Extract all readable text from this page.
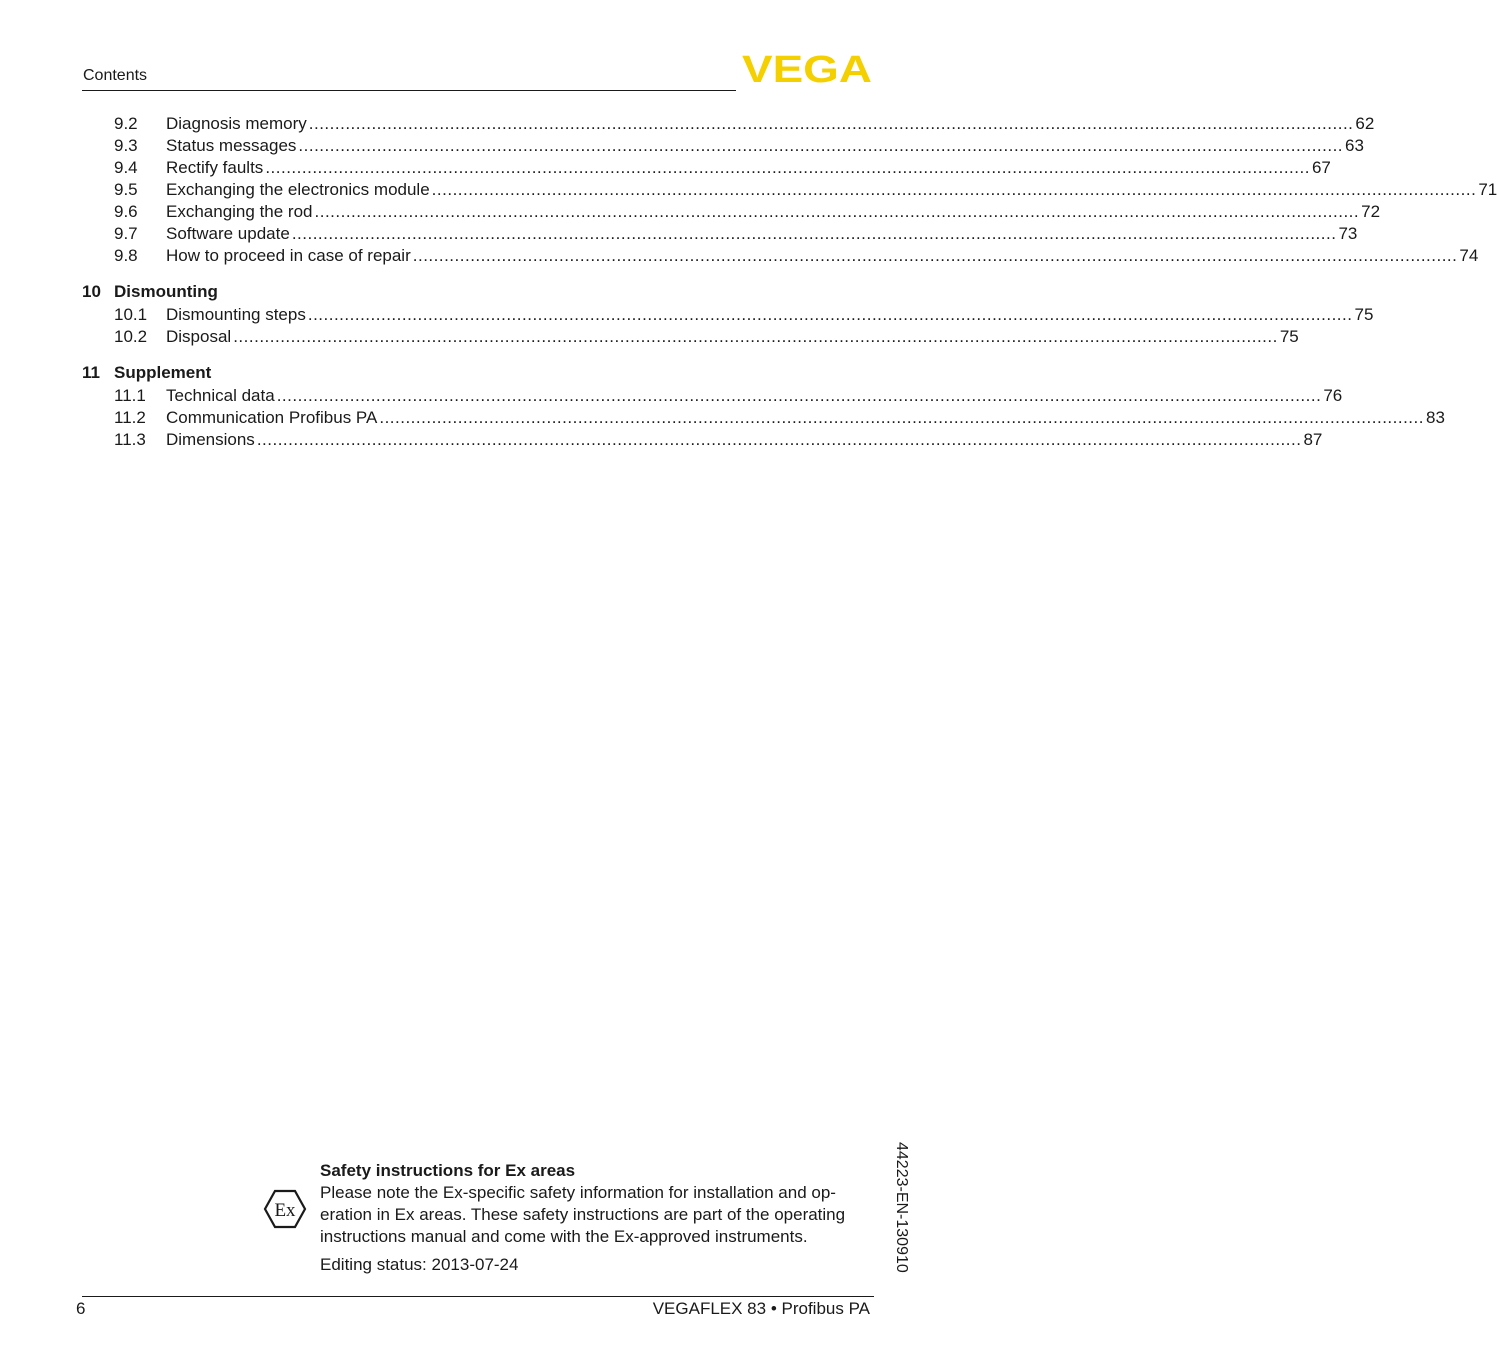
Contents	VEGA
9.2 Diagnosis memory ........................................................................................................................................................................................................ 62
9.3 Status messages ........................................................................................................................................................................................................ 63
9.4 Rectify faults ........................................................................................................................................................................................................ 67
9.5 Exchanging the electronics module ........................................................................................................................................................................................................ 71
9.6 Exchanging the rod ........................................................................................................................................................................................................ 72
9.7 Software update ........................................................................................................................................................................................................ 73
9.8 How to proceed in case of repair ........................................................................................................................................................................................................ 74
10 Dismounting
10.1 Dismounting steps ........................................................................................................................................................................................................ 75
10.2 Disposal ........................................................................................................................................................................................................ 75
11 Supplement
11.1 Technical data ........................................................................................................................................................................................................ 76
11.2 Communication Profibus PA ........................................................................................................................................................................................................ 83
11.3 Dimensions ........................................................................................................................................................................................................ 87
Ex
Safety instructions for Ex areas
Please note the Ex-specific safety information for installation and op-
eration in Ex areas. These safety instructions are part of the operating
instructions manual and come with the Ex-approved instruments.
Editing status: 2013-07-24	44223-EN-130910
6	VEGAFLEX 83 • Profibus PA
